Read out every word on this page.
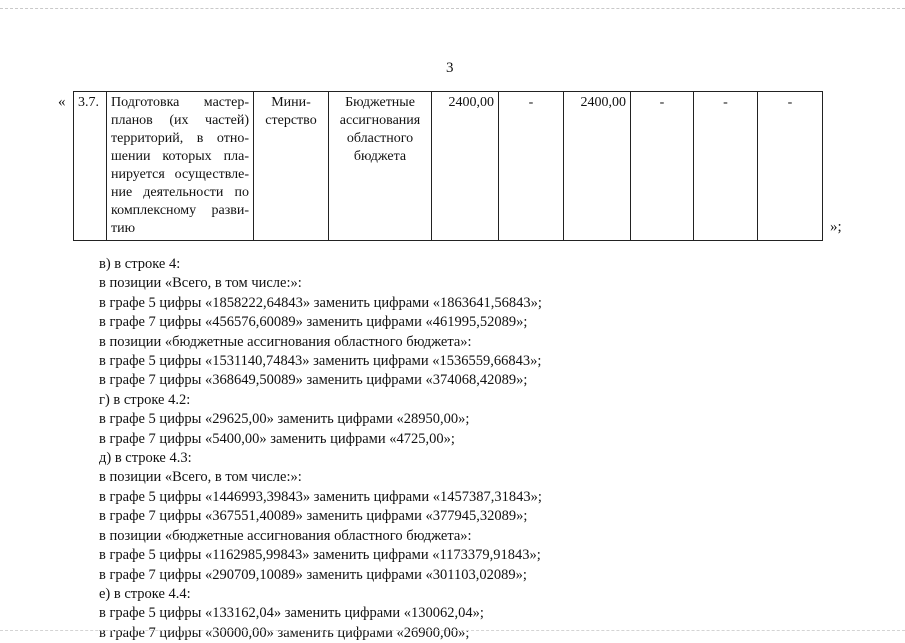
3
« 3.7.	Подготовка мастер-планов (их частей) территорий, в отно-шении которых пла-нируется осуществле-ние деятельности по комплексному разви-тию	Мини-стерство	Бюджетные ассигнования областного бюджета	2400,00	-	2400,00	-	-	-
»;
в) в строке 4:
в позиции «Всего, в том числе:»:
в графе 5 цифры «1858222,64843» заменить цифрами «1863641,56843»;
в графе 7 цифры «456576,60089» заменить цифрами «461995,52089»;
в позиции «бюджетные ассигнования областного бюджета»:
в графе 5 цифры «1531140,74843» заменить цифрами «1536559,66843»;
в графе 7 цифры «368649,50089» заменить цифрами «374068,42089»;
г) в строке 4.2:
в графе 5 цифры «29625,00» заменить цифрами «28950,00»;
в графе 7 цифры «5400,00» заменить цифрами «4725,00»;
д) в строке 4.3:
в позиции «Всего, в том числе:»:
в графе 5 цифры «1446993,39843» заменить цифрами «1457387,31843»;
в графе 7 цифры «367551,40089» заменить цифрами «377945,32089»;
в позиции «бюджетные ассигнования областного бюджета»:
в графе 5 цифры «1162985,99843» заменить цифрами «1173379,91843»;
в графе 7 цифры «290709,10089» заменить цифрами «301103,02089»;
е) в строке 4.4:
в графе 5 цифры «133162,04» заменить цифрами «130062,04»;
в графе 7 цифры «30000,00» заменить цифрами «26900,00»;
